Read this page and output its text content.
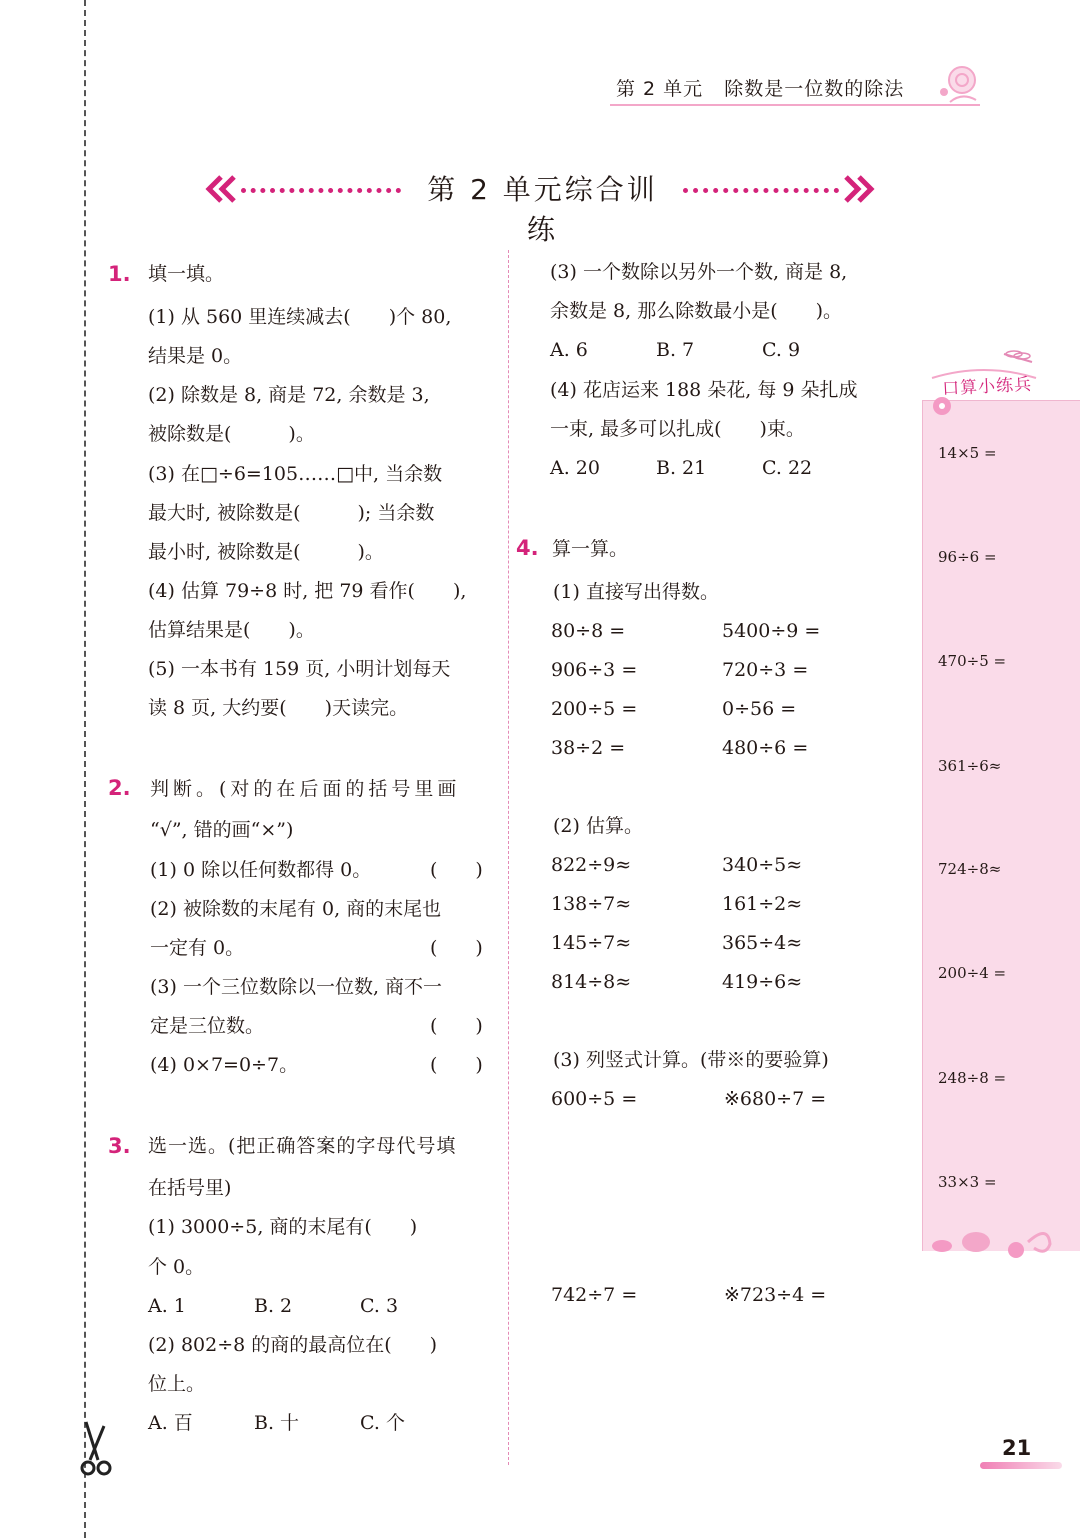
第 2 单元 除数是一位数的除法
第 2 单元综合训练
1. 填一填。
(1) 从 560 里连续减去(　　)个 80,
结果是 0。
(2) 除数是 8, 商是 72, 余数是 3,
被除数是(　　　)。
(3) 在□÷6=105……□中, 当余数
最大时, 被除数是(　　　); 当余数
最小时, 被除数是(　　　)。
(4) 估算 79÷8 时, 把 79 看作(　　),
估算结果是(　　)。
(5) 一本书有 159 页, 小明计划每天
读 8 页, 大约要(　　)天读完。
2. 判断。(对的在后面的括号里画
“√”, 错的画“×”)
(1) 0 除以任何数都得 0。	(　　)
(2) 被除数的末尾有 0, 商的末尾也
一定有 0。	(　　)
(3) 一个三位数除以一位数, 商不一
定是三位数。	(　　)
(4) 0×7=0÷7。	(　　)
3. 选一选。(把正确答案的字母代号填
在括号里)
(1) 3000÷5, 商的末尾有(　　)
个 0。
A. 1	B. 2	C. 3
(2) 802÷8 的商的最高位在(　　)
位上。
A. 百	B. 十	C. 个
(3) 一个数除以另外一个数, 商是 8,
余数是 8, 那么除数最小是(　　)。
A. 6	B. 7	C. 9
(4) 花店运来 188 朵花, 每 9 朵扎成
一束, 最多可以扎成(　　)束。
A. 20	B. 21	C. 22
4. 算一算。
(1) 直接写出得数。
80÷8 =	5400÷9 =
906÷3 =	720÷3 =
200÷5 =	0÷56 =
38÷2 =	480÷6 =
(2) 估算。
822÷9≈	340÷5≈
138÷7≈	161÷2≈
145÷7≈	365÷4≈
814÷8≈	419÷6≈
(3) 列竖式计算。(带※的要验算)
600÷5 =	※680÷7 =
742÷7 =	※723÷4 =
口算小练兵
14×5 =
96÷6 =
470÷5 =
361÷6≈
724÷8≈
200÷4 =
248÷8 =
33×3 =
21
